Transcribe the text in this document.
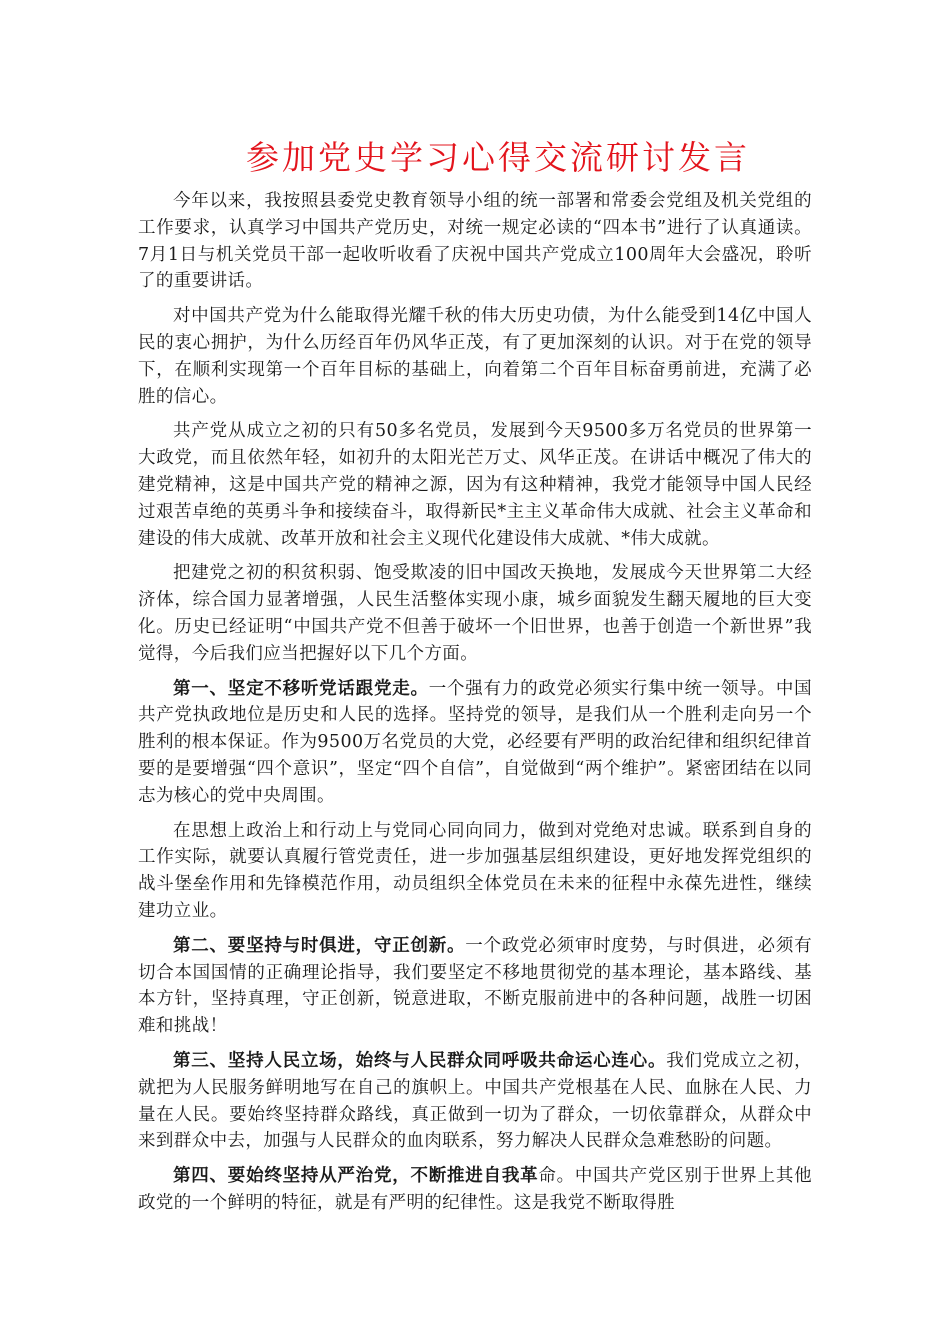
参加党史学习心得交流研讨发言

今年以来，我按照县委党史教育领导小组的统一部署和常委会党组及机关党组的工作要求，认真学习中国共产党历史，对统一规定必读的“四本书”进行了认真通读。7月1日与机关党员干部一起收听收看了庆祝中国共产党成立100周年大会盛况，聆听了的重要讲话。

对中国共产党为什么能取得光耀千秋的伟大历史功债，为什么能受到14亿中国人民的衷心拥护，为什么历经百年仍风华正茂，有了更加深刻的认识。对于在党的领导下，在顺利实现第一个百年目标的基础上，向着第二个百年目标奋勇前进，充满了必胜的信心。

共产党从成立之初的只有50多名党员，发展到今天9500多万名党员的世界第一大政党，而且依然年轻，如初升的太阳光芒万丈、风华正茂。在讲话中概况了伟大的建党精神，这是中国共产党的精神之源，因为有这种精神，我党才能领导中国人民经过艰苦卓绝的英勇斗争和接续奋斗，取得新民*主主义革命伟大成就、社会主义革命和建设的伟大成就、改革开放和社会主义现代化建设伟大成就、*伟大成就。

把建党之初的积贫积弱、饱受欺凌的旧中国改天换地，发展成今天世界第二大经济体，综合国力显著增强，人民生活整体实现小康，城乡面貌发生翻天履地的巨大变化。历史已经证明“中国共产党不但善于破坏一个旧世界，也善于创造一个新世界”我觉得，今后我们应当把握好以下几个方面。

第一、坚定不移听党话跟党走。一个强有力的政党必须实行集中统一领导。中国共产党执政地位是历史和人民的选择。坚持党的领导，是我们从一个胜利走向另一个胜利的根本保证。作为9500万名党员的大党，必经要有严明的政治纪律和组织纪律首要的是要增强“四个意识”，坚定“四个自信”，自觉做到“两个维护”。紧密团结在以同志为核心的党中央周围。

在思想上政治上和行动上与党同心同向同力，做到对党绝对忠诚。联系到自身的工作实际，就要认真履行管党责任，进一步加强基层组织建设，更好地发挥党组织的战斗堡垒作用和先锋模范作用，动员组织全体党员在未来的征程中永葆先进性，继续建功立业。

第二、要坚持与时俱进，守正创新。一个政党必须审时度势，与时俱进，必须有切合本国国情的正确理论指导，我们要坚定不移地贯彻党的基本理论，基本路线、基本方针，坚持真理，守正创新，锐意进取，不断克服前进中的各种问题，战胜一切困难和挑战！

第三、坚持人民立场，始终与人民群众同呼吸共命运心连心。我们党成立之初，就把为人民服务鲜明地写在自己的旗帜上。中国共产党根基在人民、血脉在人民、力量在人民。要始终坚持群众路线，真正做到一切为了群众，一切依靠群众，从群众中来到群众中去，加强与人民群众的血肉联系，努力解决人民群众急难愁盼的问题。

第四、要始终坚持从严治党，不断推进自我革命。中国共产党区别于世界上其他政党的一个鲜明的特征，就是有严明的纪律性。这是我党不断取得胜
